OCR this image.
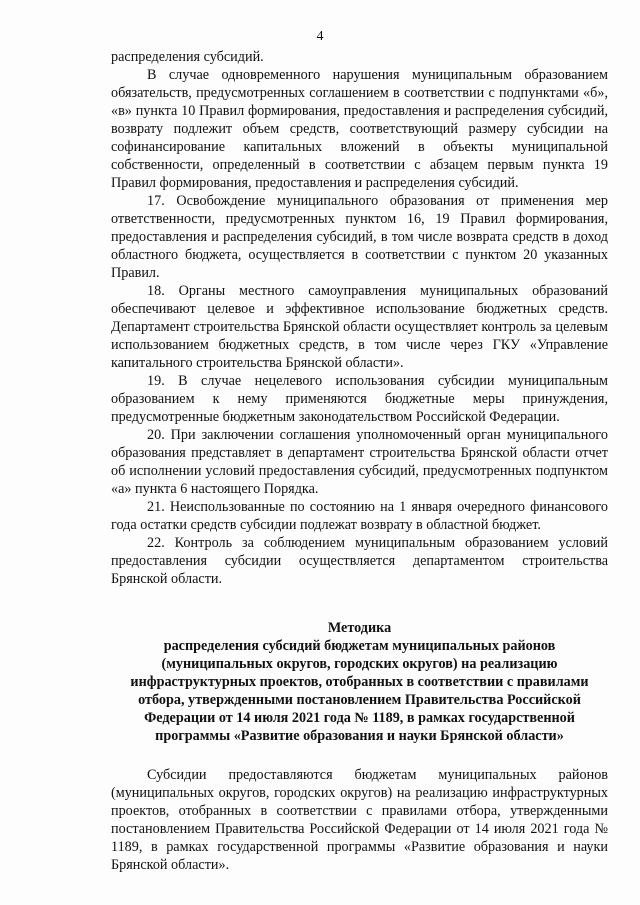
4

распределения субсидий.

В случае одновременного нарушения муниципальным образованием обязательств, предусмотренных соглашением в соответствии с подпунктами «б», «в» пункта 10 Правил формирования, предоставления и распределения субсидий, возврату подлежит объем средств, соответствующий размеру субсидии на софинансирование капитальных вложений в объекты муниципальной собственности, определенный в соответствии с абзацем первым пункта 19 Правил формирования, предоставления и распределения субсидий.

17. Освобождение муниципального образования от применения мер ответственности, предусмотренных пунктом 16, 19 Правил формирования, предоставления и распределения субсидий, в том числе возврата средств в доход областного бюджета, осуществляется в соответствии с пунктом 20 указанных Правил.

18. Органы местного самоуправления муниципальных образований обеспечивают целевое и эффективное использование бюджетных средств. Департамент строительства Брянской области осуществляет контроль за целевым использованием бюджетных средств, в том числе через ГКУ «Управление капитального строительства Брянской области».

19. В случае нецелевого использования субсидии муниципальным образованием к нему применяются бюджетные меры принуждения, предусмотренные бюджетным законодательством Российской Федерации.

20. При заключении соглашения уполномоченный орган муниципального образования представляет в департамент строительства Брянской области отчет об исполнении условий предоставления субсидий, предусмотренных подпунктом «а» пункта 6 настоящего Порядка.

21. Неиспользованные по состоянию на 1 января очередного финансового года остатки средств субсидии подлежат возврату в областной бюджет.

22. Контроль за соблюдением муниципальным образованием условий предоставления субсидии осуществляется департаментом строительства Брянской области.

Методика

распределения субсидий бюджетам муниципальных районов

(муниципальных округов, городских округов) на реализацию

инфраструктурных проектов, отобранных в соответствии с правилами

отбора, утвержденными постановлением Правительства Российской

Федерации от 14 июля 2021 года № 1189, в рамках государственной

программы «Развитие образования и науки Брянской области»

Субсидии предоставляются бюджетам муниципальных районов (муниципальных округов, городских округов) на реализацию инфраструктурных проектов, отобранных в соответствии с правилами отбора, утвержденными постановлением Правительства Российской Федерации от 14 июля 2021 года № 1189, в рамках государственной программы «Развитие образования и науки Брянской области».
